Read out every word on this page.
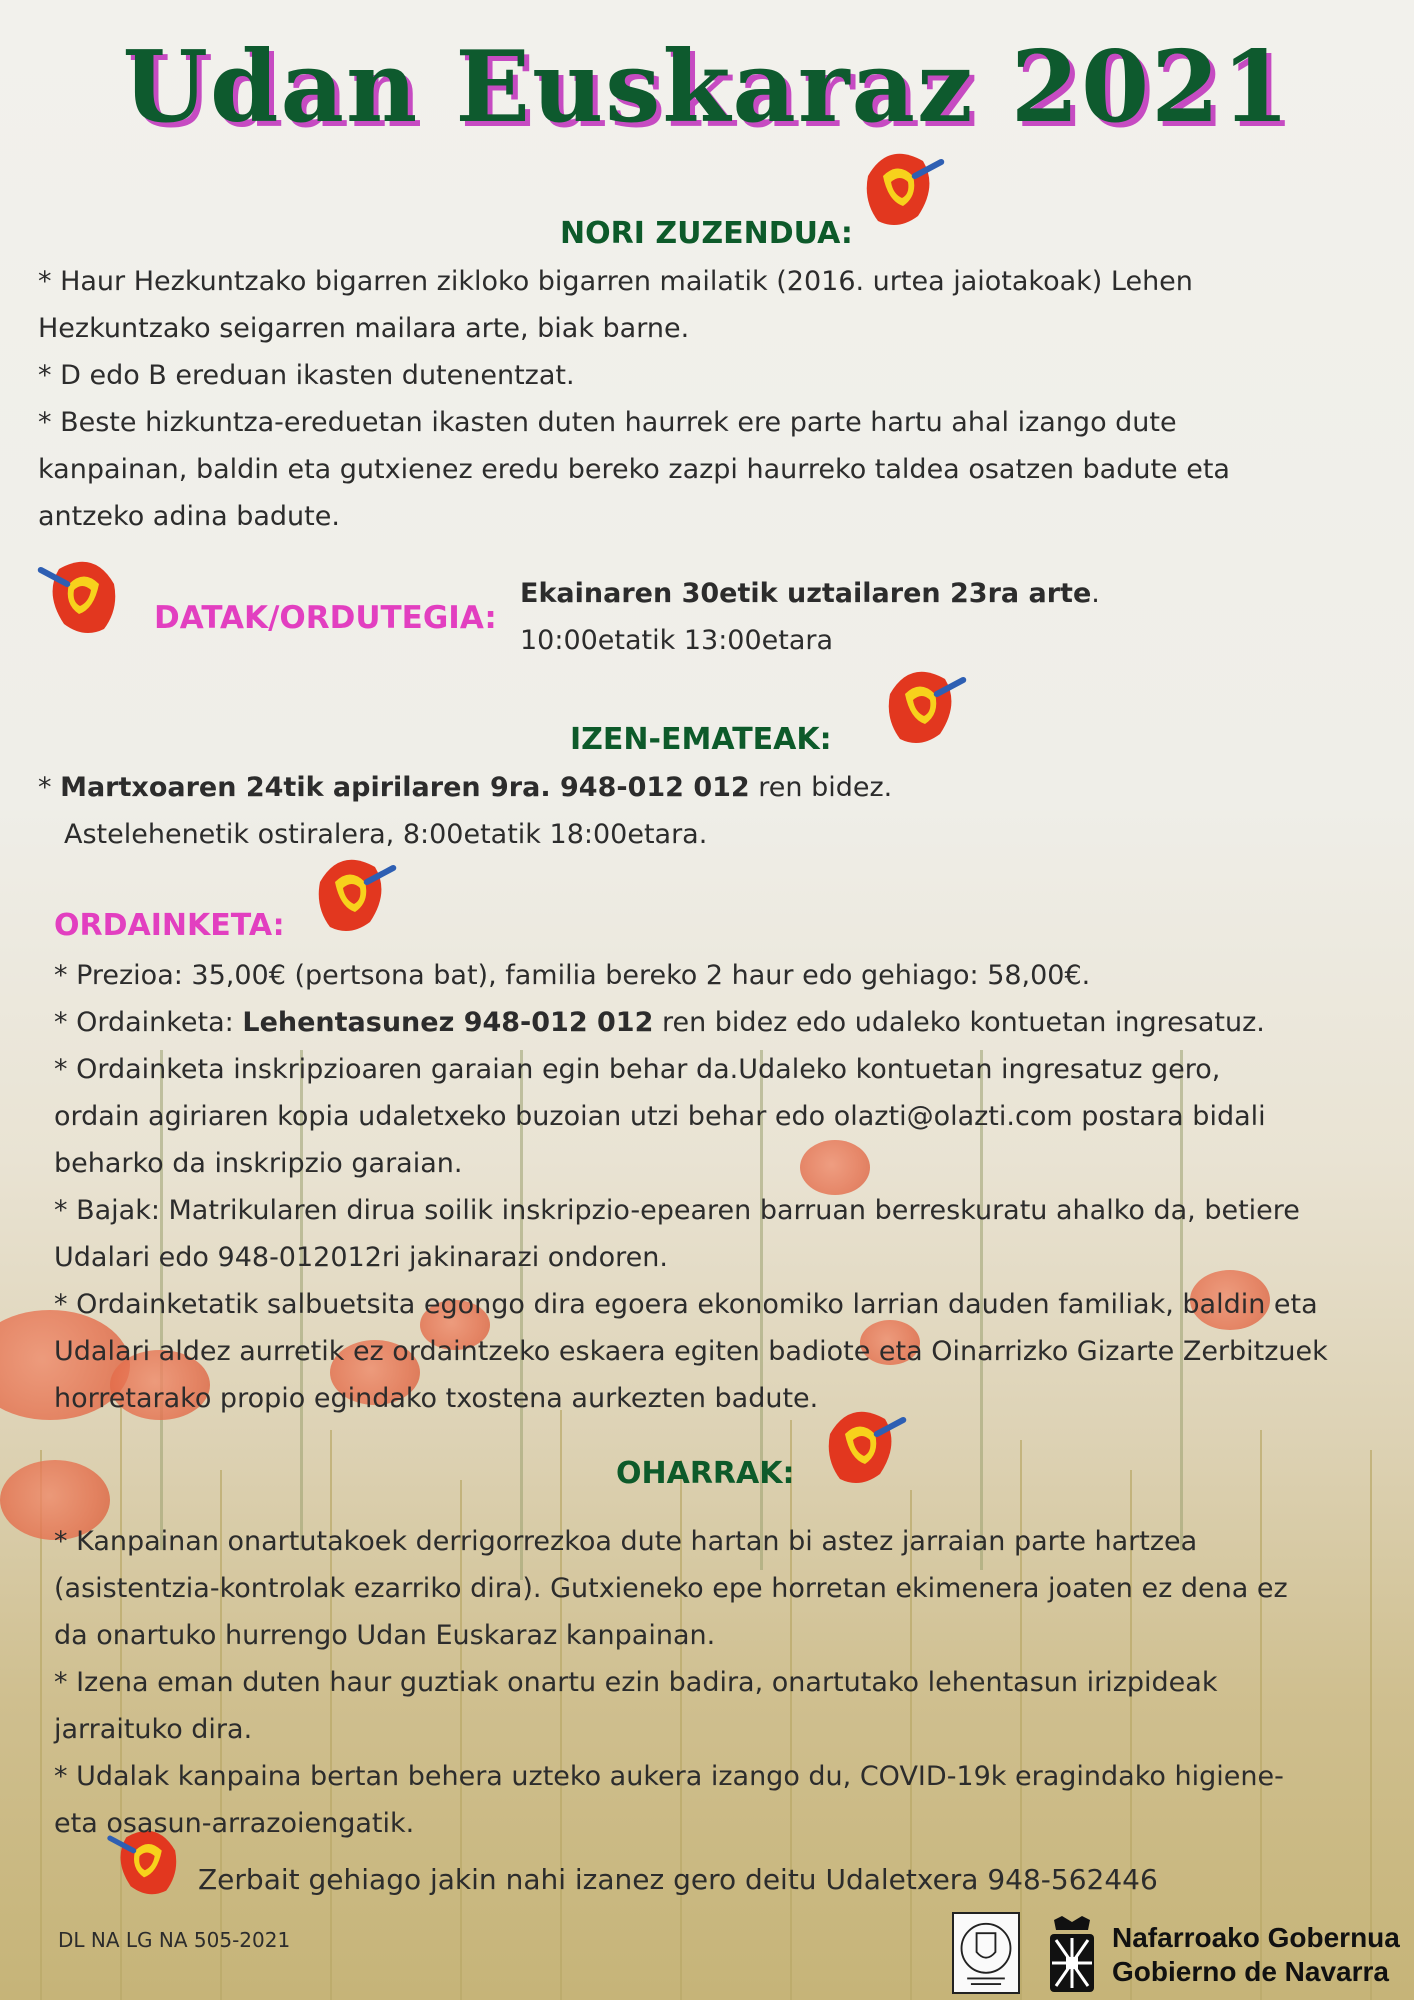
Udan Euskaraz 2021
NORI ZUZENDUA:
* Haur Hezkuntzako bigarren zikloko bigarren mailatik (2016. urtea jaiotakoak) Lehen
Hezkuntzako seigarren mailara arte, biak barne.
* D edo B ereduan ikasten dutenentzat.
* Beste hizkuntza-ereduetan ikasten duten haurrek ere parte hartu ahal izango dute
kanpainan, baldin eta gutxienez eredu bereko zazpi haurreko taldea osatzen badute eta
antzeko adina badute.
DATAK/ORDUTEGIA:
Ekainaren 30etik uztailaren 23ra arte.
10:00etatik 13:00etara
IZEN-EMATEAK:
* Martxoaren 24tik apirilaren 9ra. 948-012 012 ren bidez.
Astelehenetik ostiralera, 8:00etatik 18:00etara.
ORDAINKETA:
* Prezioa: 35,00€ (pertsona bat), familia bereko 2 haur edo gehiago: 58,00€.
* Ordainketa: Lehentasunez 948-012 012 ren bidez edo udaleko kontuetan ingresatuz.
* Ordainketa inskripzioaren garaian egin behar da.Udaleko kontuetan ingresatuz gero,
ordain agiriaren kopia udaletxeko buzoian utzi behar edo olazti@olazti.com postara bidali
beharko da inskripzio garaian.
* Bajak: Matrikularen dirua soilik inskripzio-epearen barruan berreskuratu ahalko da, betiere
Udalari edo 948-012012ri jakinarazi ondoren.
* Ordainketatik salbuetsita egongo dira egoera ekonomiko larrian dauden familiak, baldin eta
Udalari aldez aurretik ez ordaintzeko eskaera egiten badiote eta Oinarrizko Gizarte Zerbitzuek
horretarako propio egindako txostena aurkezten badute.
OHARRAK:
* Kanpainan onartutakoek derrigorrezkoa dute hartan bi astez jarraian parte hartzea
(asistentzia-kontrolak ezarriko dira). Gutxieneko epe horretan ekimenera joaten ez dena ez
da onartuko hurrengo Udan Euskaraz kanpainan.
* Izena eman duten haur guztiak onartu ezin badira, onartutako lehentasun irizpideak
jarraituko dira.
* Udalak kanpaina bertan behera uzteko aukera izango du, COVID-19k eragindako higiene-
eta osasun-arrazoiengatik.
Zerbait gehiago jakin nahi izanez gero deitu Udaletxera 948-562446
DL NA LG NA 505-2021	Nafarroako Gobernua
Gobierno de Navarra
